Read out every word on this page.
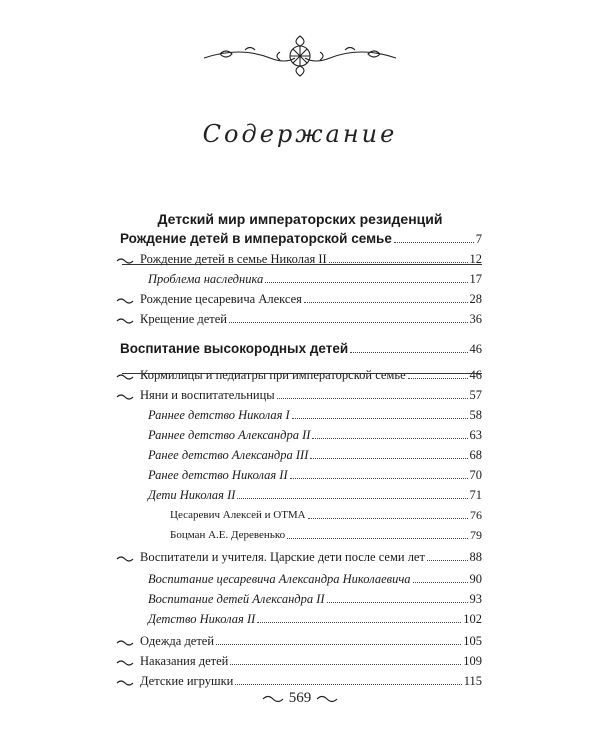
Содержание
Детский мир императорских резиденций
Рождение детей в императорской семье	7
Рождение детей в семье Николая II	12
Проблема наследника	17
Рождение цесаревича Алексея	28
Крещение детей	36
Воспитание высокородных детей	46
Кормилицы и педиатры при императорской семье	46
Няни и воспитательницы	57
Раннее детство Николая I	58
Раннее детство Александра II	63
Ранее детство Александра III	68
Ранее детство Николая II	70
Дети Николая II	71
Цесаревич Алексей и ОТМА	76
Боцман А.Е. Деревенько	79
Воспитатели и учителя. Царские дети после семи лет	88
Воспитание цесаревича Александра Николаевича	90
Воспитание детей Александра II	93
Детство Николая II	102
Одежда детей	105
Наказания детей	109
Детские игрушки	115
569
